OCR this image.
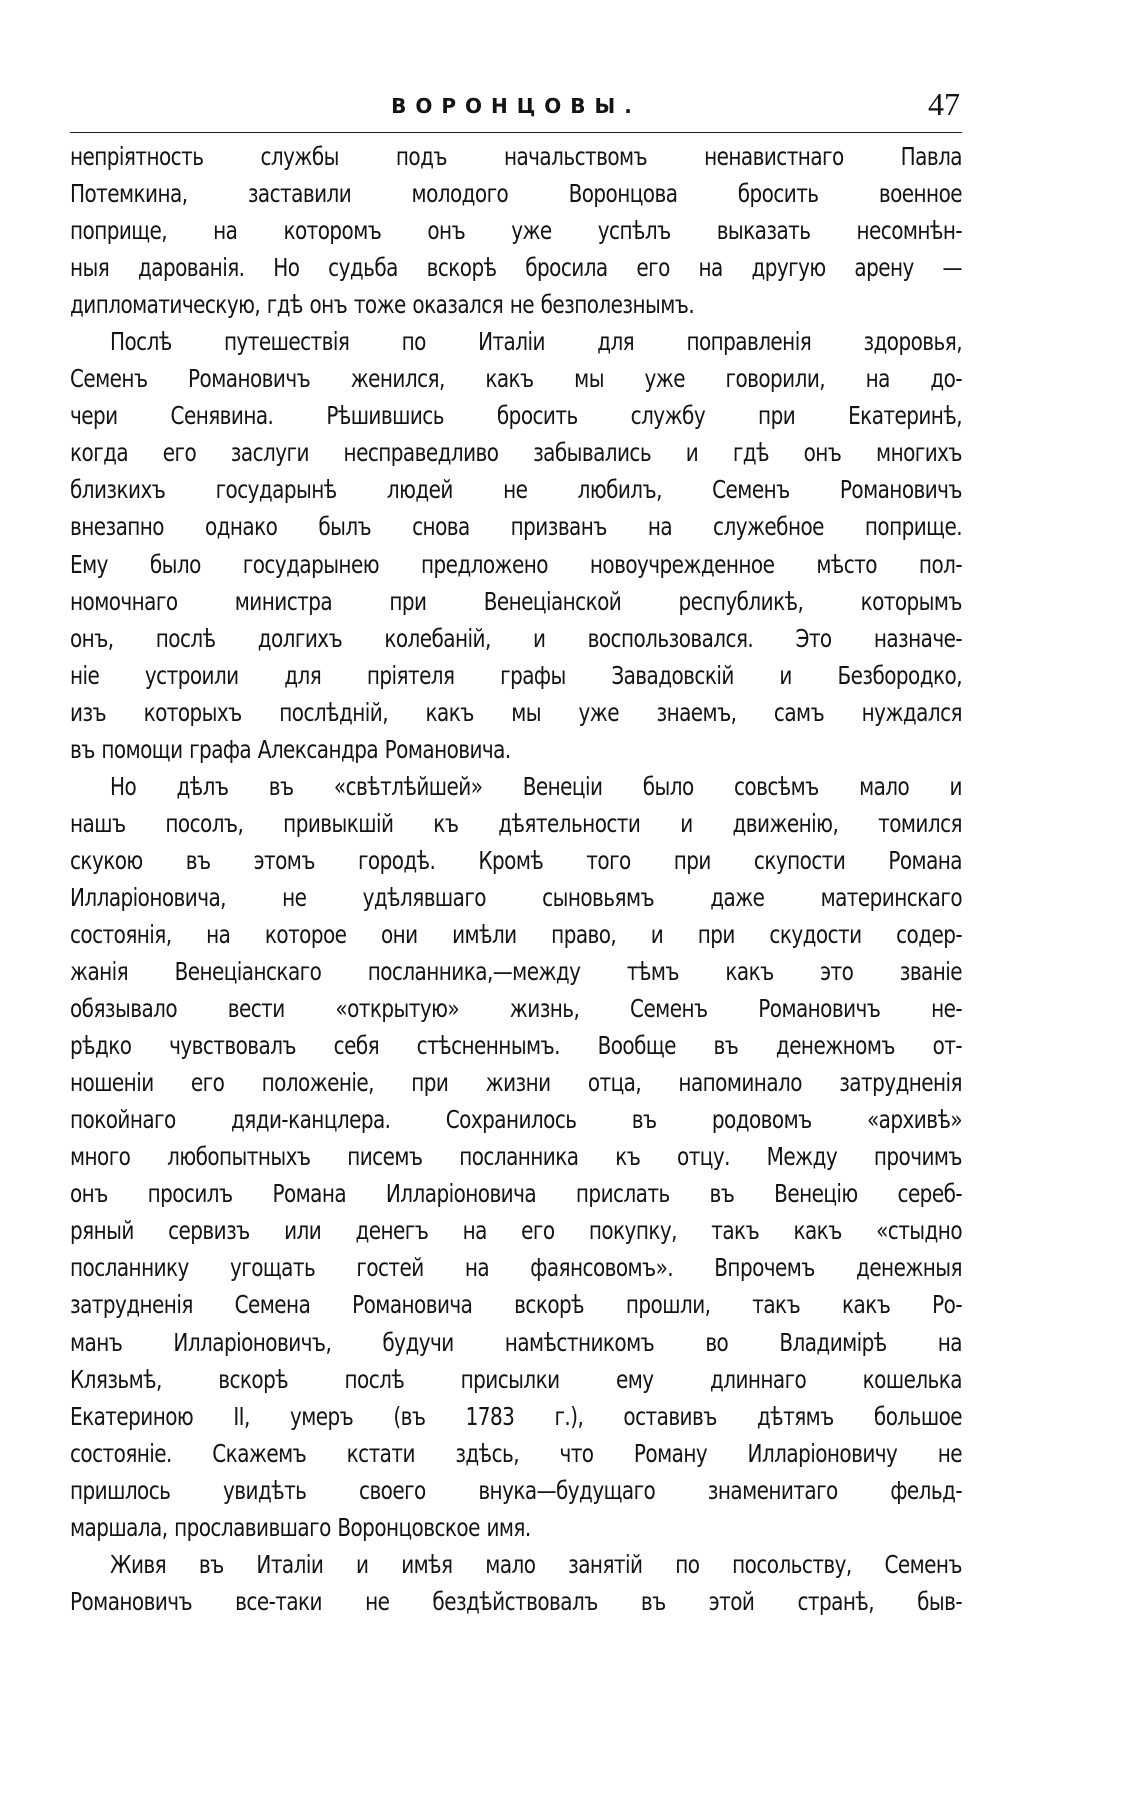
ВОРОНЦОВЫ.	47
непріятность службы подъ начальствомъ ненавистнаго Павла
Потемкина, заставили молодого Воронцова бросить военное
поприще, на которомъ онъ уже успѣлъ выказать несомнѣн-
ныя дарованія. Но судьба вскорѣ бросила его на другую арену —
дипломатическую, гдѣ онъ тоже оказался не безполезнымъ.
Послѣ путешествія по Италіи для поправленія здоровья,
Семенъ Романовичъ женился, какъ мы уже говорили, на до-
чери Сенявина. Рѣшившись бросить службу при Екатеринѣ,
когда его заслуги несправедливо забывались и гдѣ онъ многихъ
близкихъ государынѣ людей не любилъ, Семенъ Романовичъ
внезапно однако былъ снова призванъ на служебное поприще.
Ему было государынею предложено новоучрежденное мѣсто пол-
номочнаго министра при Венеціанской республикѣ, которымъ
онъ, послѣ долгихъ колебаній, и воспользовался. Это назначе-
ніе устроили для пріятеля графы Завадовскій и Безбородко,
изъ которыхъ послѣдній, какъ мы уже знаемъ, самъ нуждался
въ помощи графа Александра Романовича.
Но дѣлъ въ «свѣтлѣйшей» Венеціи было совсѣмъ мало и
нашъ посолъ, привыкшій къ дѣятельности и движенію, томился
скукою въ этомъ городѣ. Кромѣ того при скупости Романа
Илларіоновича, не удѣлявшаго сыновьямъ даже материнскаго
состоянія, на которое они имѣли право, и при скудости содер-
жанія Венеціанскаго посланника,—между тѣмъ какъ это званіе
обязывало вести «открытую» жизнь, Семенъ Романовичъ не-
рѣдко чувствовалъ себя стѣсненнымъ. Вообще въ денежномъ от-
ношеніи его положеніе, при жизни отца, напоминало затрудненія
покойнаго дяди-канцлера. Сохранилось въ родовомъ «архивѣ»
много любопытныхъ писемъ посланника къ отцу. Между прочимъ
онъ просилъ Романа Илларіоновича прислать въ Венецію сереб-
ряный сервизъ или денегъ на его покупку, такъ какъ «стыдно
посланнику угощать гостей на фаянсовомъ». Впрочемъ денежныя
затрудненія Семена Романовича вскорѣ прошли, такъ какъ Ро-
манъ Илларіоновичъ, будучи намѣстникомъ во Владимірѣ на
Клязьмѣ, вскорѣ послѣ присылки ему длиннаго кошелька
Екатериною II, умеръ (въ 1783 г.), оставивъ дѣтямъ большое
состояніе. Скажемъ кстати здѣсь, что Роману Илларіоновичу не
пришлось увидѣть своего внука—будущаго знаменитаго фельд-
маршала, прославившаго Воронцовское имя.
Живя въ Италіи и имѣя мало занятій по посольству, Семенъ
Романовичъ все-таки не бездѣйствовалъ въ этой странѣ, быв-
